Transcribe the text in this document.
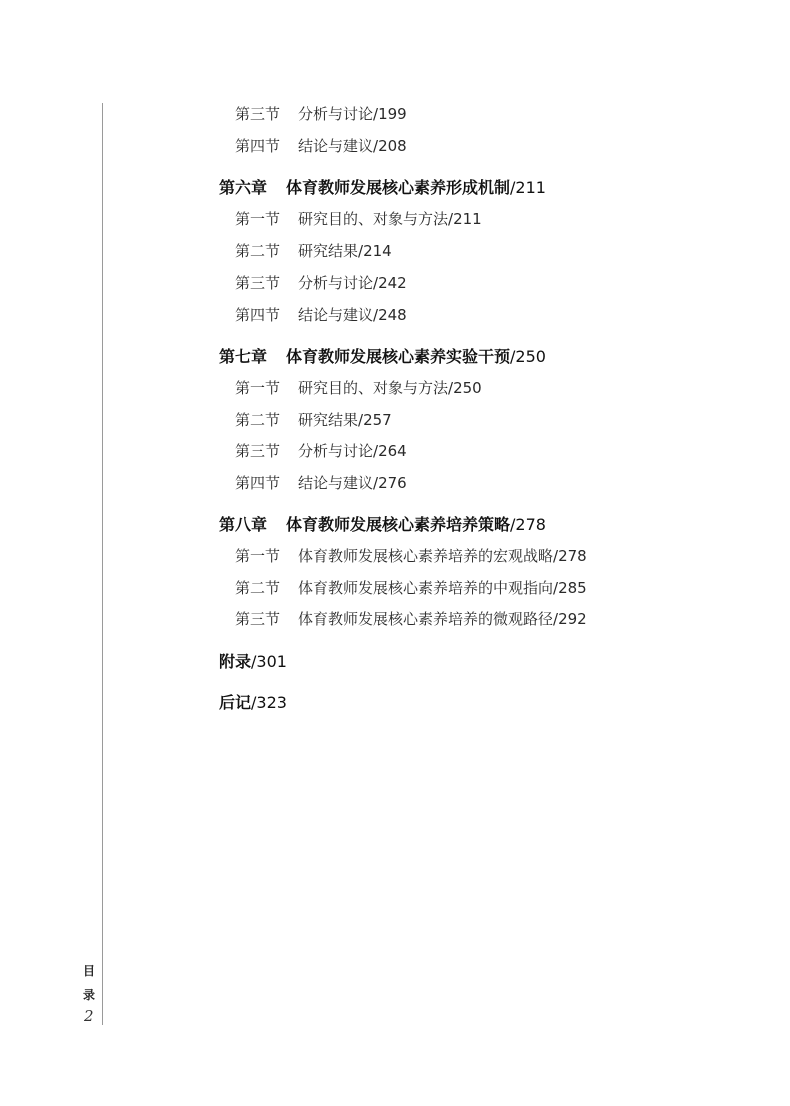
第三节 分析与讨论/199
第四节 结论与建议/208
第六章 体育教师发展核心素养形成机制/211
第一节 研究目的、对象与方法/211
第二节 研究结果/214
第三节 分析与讨论/242
第四节 结论与建议/248
第七章 体育教师发展核心素养实验干预/250
第一节 研究目的、对象与方法/250
第二节 研究结果/257
第三节 分析与讨论/264
第四节 结论与建议/276
第八章 体育教师发展核心素养培养策略/278
第一节 体育教师发展核心素养培养的宏观战略/278
第二节 体育教师发展核心素养培养的中观指向/285
第三节 体育教师发展核心素养培养的微观路径/292
附录/301
后记/323
目
录
2
